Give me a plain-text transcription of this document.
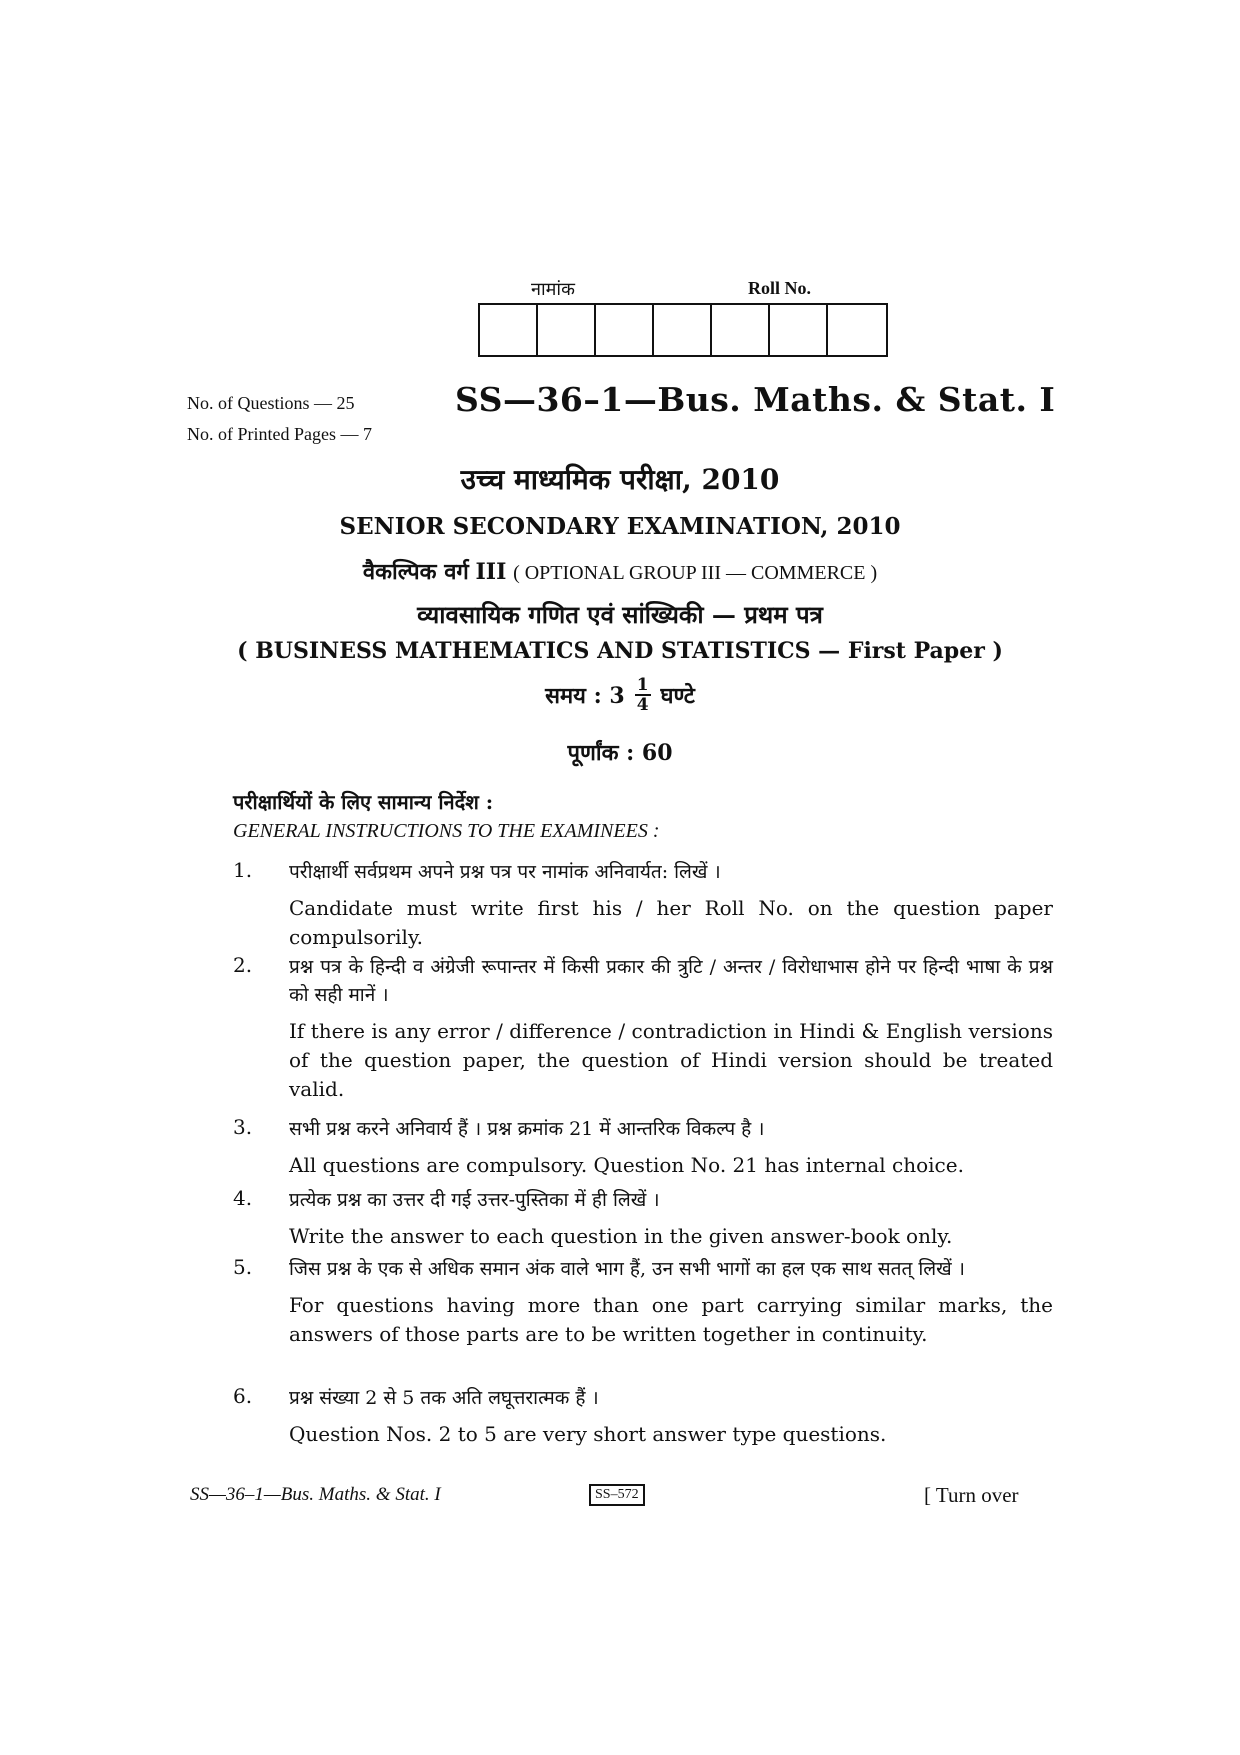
नामांक	Roll No.
No. of Questions — 25
No. of Printed Pages — 7
SS—36–1—Bus. Maths. & Stat. I
उच्च माध्यमिक परीक्षा, 2010
SENIOR SECONDARY EXAMINATION, 2010
वैकल्पिक वर्ग III ( OPTIONAL GROUP III — COMMERCE )
व्यावसायिक गणित एवं सांख्यिकी — प्रथम पत्र
( BUSINESS MATHEMATICS AND STATISTICS — First Paper )
समय : $3 \frac{1}{4}$ घण्टे
पूर्णांक : 60
परीक्षार्थियों के लिए सामान्य निर्देश :
GENERAL INSTRUCTIONS TO THE EXAMINEES :
1. परीक्षार्थी सर्वप्रथम अपने प्रश्न पत्र पर नामांक अनिवार्यत: लिखें ।
Candidate must write first his / her Roll No. on the question paper compulsorily.
2. प्रश्न पत्र के हिन्दी व अंग्रेजी रूपान्तर में किसी प्रकार की त्रुटि / अन्तर / विरोधाभास होने पर हिन्दी भाषा के प्रश्न को सही मानें ।
If there is any error / difference / contradiction in Hindi & English versions of the question paper, the question of Hindi version should be treated valid.
3. सभी प्रश्न करने अनिवार्य हैं । प्रश्न क्रमांक 21 में आन्तरिक विकल्प है ।
All questions are compulsory. Question No. 21 has internal choice.
4. प्रत्येक प्रश्न का उत्तर दी गई उत्तर-पुस्तिका में ही लिखें ।
Write the answer to each question in the given answer-book only.
5. जिस प्रश्न के एक से अधिक समान अंक वाले भाग हैं, उन सभी भागों का हल एक साथ सतत् लिखें ।
For questions having more than one part carrying similar marks, the answers of those parts are to be written together in continuity.
6. प्रश्न संख्या 2 से 5 तक अति लघूत्तरात्मक हैं ।
Question Nos. 2 to 5 are very short answer type questions.
SS—36–1—Bus. Maths. & Stat. I	SS–572	[ Turn over
